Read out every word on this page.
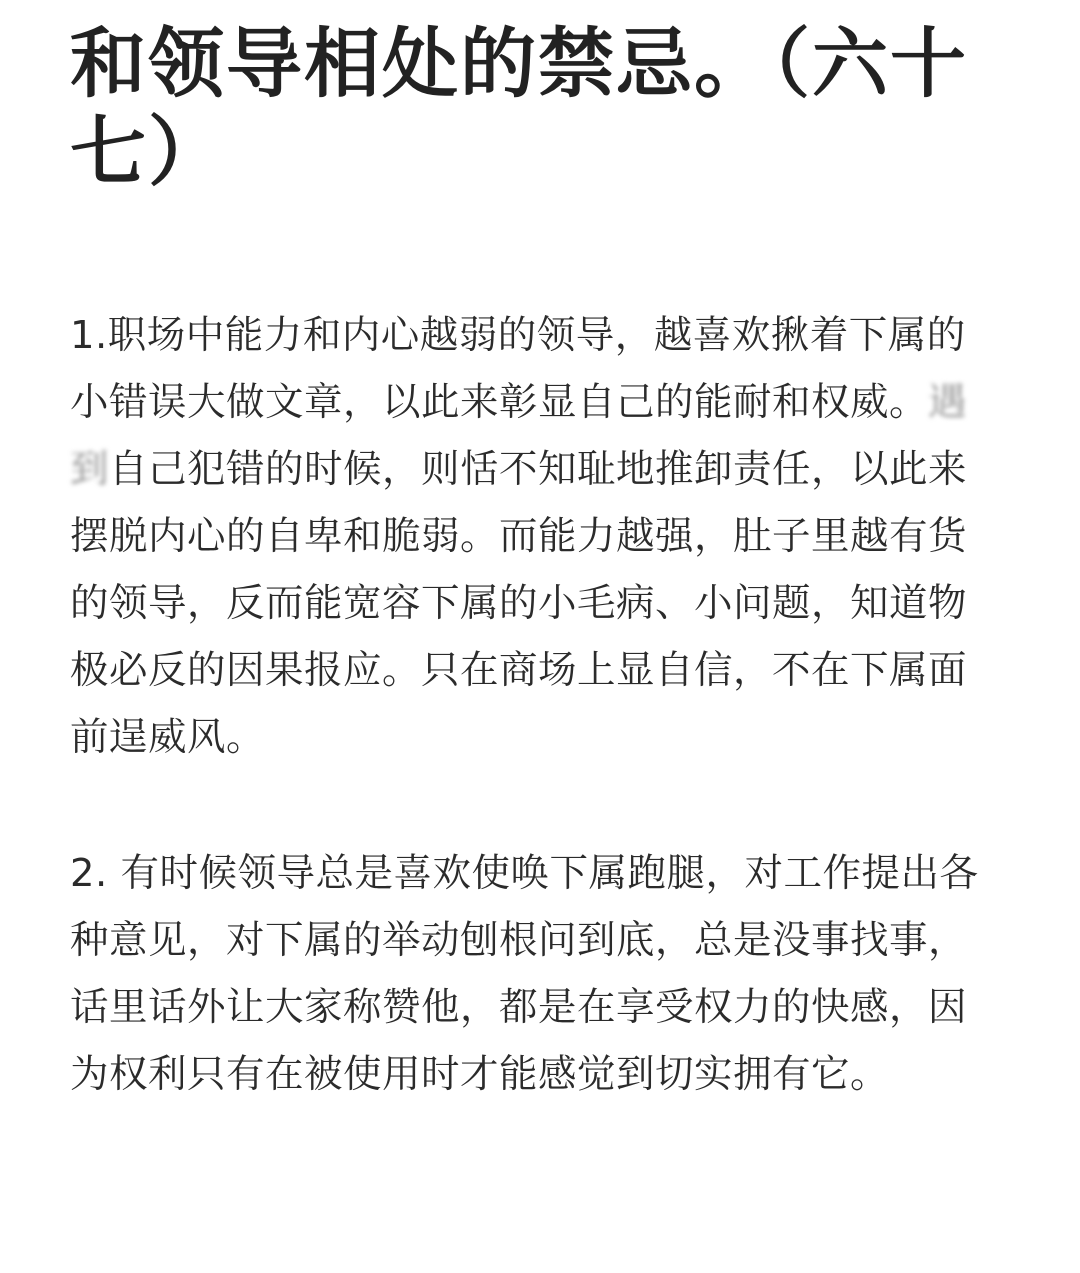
和领导相处的禁忌。（六十七）

1.职场中能力和内心越弱的领导，越喜欢揪着下属的小错误大做文章，以此来彰显自己的能耐和权威。遇到自己犯错的时候，则恬不知耻地推卸责任，以此来摆脱内心的自卑和脆弱。而能力越强，肚子里越有货的领导，反而能宽容下属的小毛病、小问题，知道物极必反的因果报应。只在商场上显自信，不在下属面前逞威风。

2. 有时候领导总是喜欢使唤下属跑腿，对工作提出各种意见，对下属的举动刨根问到底，总是没事找事，话里话外让大家称赞他，都是在享受权力的快感，因为权利只有在被使用时才能感觉到切实拥有它。
